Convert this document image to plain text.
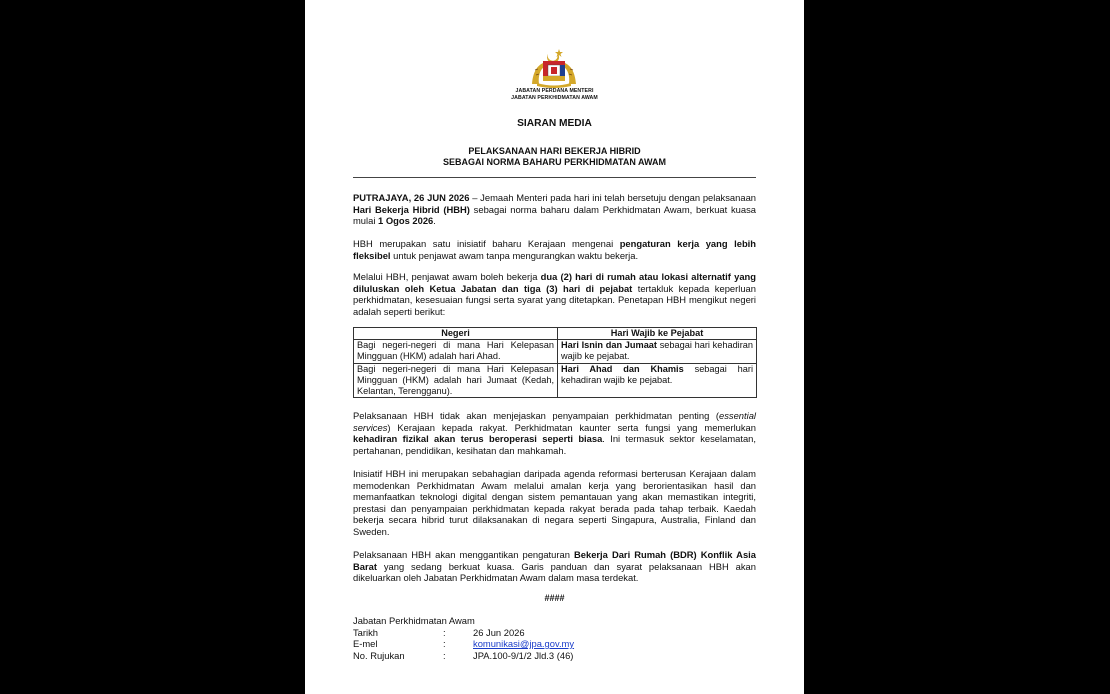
JABATAN PERDANA MENTERI
JABATAN PERKHIDMATAN AWAM
SIARAN MEDIA
PELAKSANAAN HARI BEKERJA HIBRID
SEBAGAI NORMA BAHARU PERKHIDMATAN AWAM

PUTRAJAYA, 26 JUN 2026 – Jemaah Menteri pada hari ini telah bersetuju dengan pelaksanaan Hari Bekerja Hibrid (HBH) sebagai norma baharu dalam Perkhidmatan Awam, berkuat kuasa mulai 1 Ogos 2026.

HBH merupakan satu inisiatif baharu Kerajaan mengenai pengaturan kerja yang lebih fleksibel untuk penjawat awam tanpa mengurangkan waktu bekerja.

Melalui HBH, penjawat awam boleh bekerja dua (2) hari di rumah atau lokasi alternatif yang diluluskan oleh Ketua Jabatan dan tiga (3) hari di pejabat tertakluk kepada keperluan perkhidmatan, kesesuaian fungsi serta syarat yang ditetapkan. Penetapan HBH mengikut negeri adalah seperti berikut:

Negeri	Hari Wajib ke Pejabat
Bagi negeri-negeri di mana Hari Kelepasan Mingguan (HKM) adalah hari Ahad.	Hari Isnin dan Jumaat sebagai hari kehadiran wajib ke pejabat.
Bagi negeri-negeri di mana Hari Kelepasan Mingguan (HKM) adalah hari Jumaat (Kedah, Kelantan, Terengganu).	Hari Ahad dan Khamis sebagai hari kehadiran wajib ke pejabat.

Pelaksanaan HBH tidak akan menjejaskan penyampaian perkhidmatan penting (essential services) Kerajaan kepada rakyat. Perkhidmatan kaunter serta fungsi yang memerlukan kehadiran fizikal akan terus beroperasi seperti biasa. Ini termasuk sektor keselamatan, pertahanan, pendidikan, kesihatan dan mahkamah.

Inisiatif HBH ini merupakan sebahagian daripada agenda reformasi berterusan Kerajaan dalam memodenkan Perkhidmatan Awam melalui amalan kerja yang berorientasikan hasil dan memanfaatkan teknologi digital dengan sistem pemantauan yang akan memastikan integriti, prestasi dan penyampaian perkhidmatan kepada rakyat berada pada tahap terbaik. Kaedah bekerja secara hibrid turut dilaksanakan di negara seperti Singapura, Australia, Finland dan Sweden.

Pelaksanaan HBH akan menggantikan pengaturan Bekerja Dari Rumah (BDR) Konflik Asia Barat yang sedang berkuat kuasa. Garis panduan dan syarat pelaksanaan HBH akan dikeluarkan oleh Jabatan Perkhidmatan Awam dalam masa terdekat.

####
Jabatan Perkhidmatan Awam
Tarikh	:	26 Jun 2026
E-mel	:	komunikasi@jpa.gov.my
No. Rujukan	:	JPA.100-9/1/2 Jld.3 (46)
